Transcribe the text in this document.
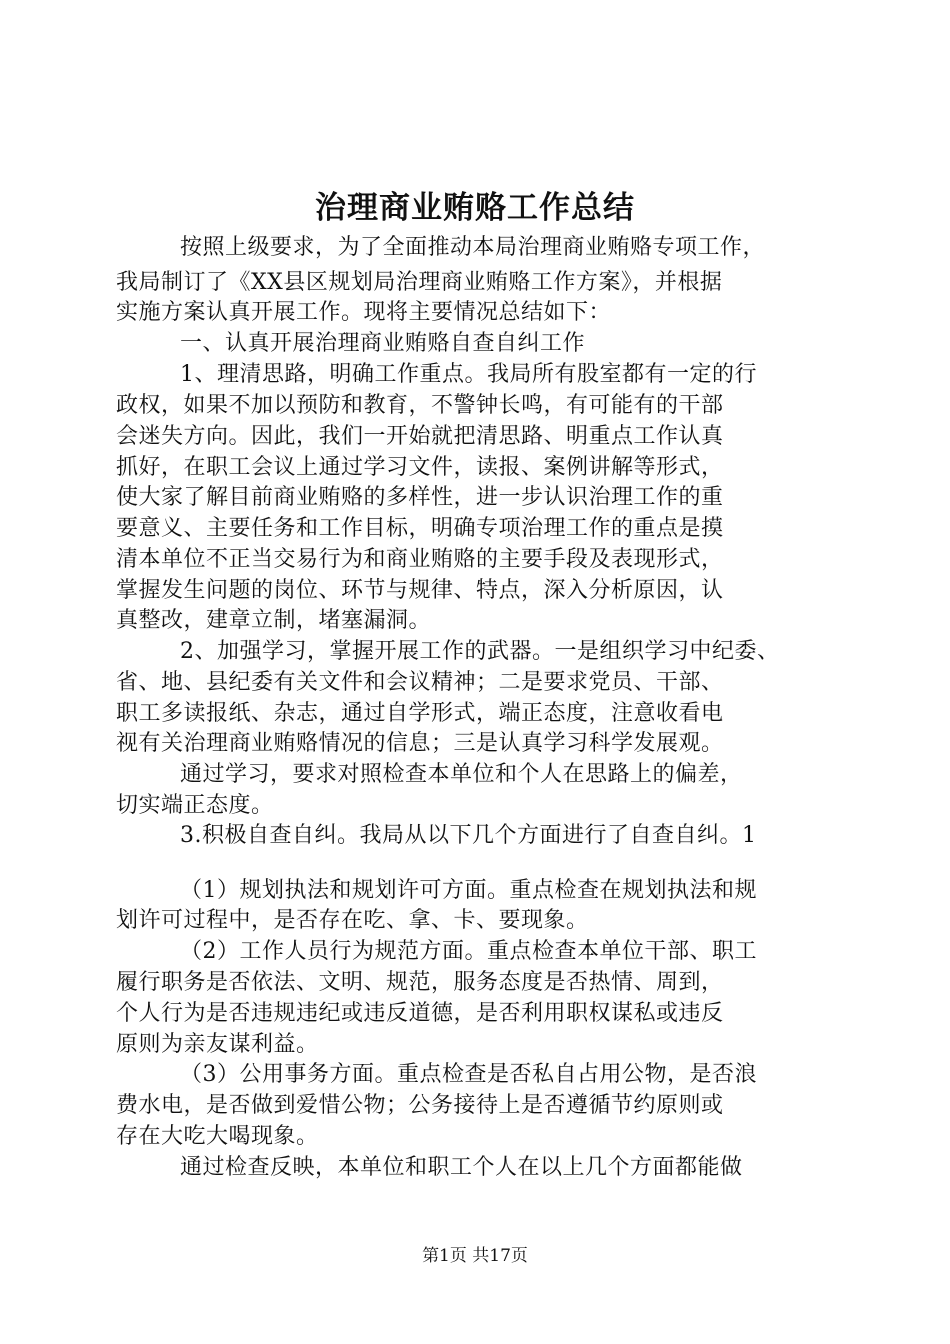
治理商业贿赂工作总结
按照上级要求，为了全面推动本局治理商业贿赂专项工作，
我局制订了《XX县区规划局治理商业贿赂工作方案》，并根据
实施方案认真开展工作。现将主要情况总结如下：
一、认真开展治理商业贿赂自查自纠工作
1、理清思路，明确工作重点。我局所有股室都有一定的行
政权，如果不加以预防和教育，不警钟长鸣，有可能有的干部
会迷失方向。因此，我们一开始就把清思路、明重点工作认真
抓好，在职工会议上通过学习文件，读报、案例讲解等形式，
使大家了解目前商业贿赂的多样性，进一步认识治理工作的重
要意义、主要任务和工作目标，明确专项治理工作的重点是摸
清本单位不正当交易行为和商业贿赂的主要手段及表现形式，
掌握发生问题的岗位、环节与规律、特点，深入分析原因，认
真整改，建章立制，堵塞漏洞。
2、加强学习，掌握开展工作的武器。一是组织学习中纪委、
省、地、县纪委有关文件和会议精神；二是要求党员、干部、
职工多读报纸、杂志，通过自学形式，端正态度，注意收看电
视有关治理商业贿赂情况的信息；三是认真学习科学发展观。
通过学习，要求对照检查本单位和个人在思路上的偏差，
切实端正态度。
3.积极自查自纠。我局从以下几个方面进行了自查自纠。1
（1）规划执法和规划许可方面。重点检查在规划执法和规
划许可过程中，是否存在吃、拿、卡、要现象。
（2）工作人员行为规范方面。重点检查本单位干部、职工
履行职务是否依法、文明、规范，服务态度是否热情、周到，
个人行为是否违规违纪或违反道德，是否利用职权谋私或违反
原则为亲友谋利益。
（3）公用事务方面。重点检查是否私自占用公物，是否浪
费水电，是否做到爱惜公物；公务接待上是否遵循节约原则或
存在大吃大喝现象。
通过检查反映，本单位和职工个人在以上几个方面都能做
第1页 共17页
